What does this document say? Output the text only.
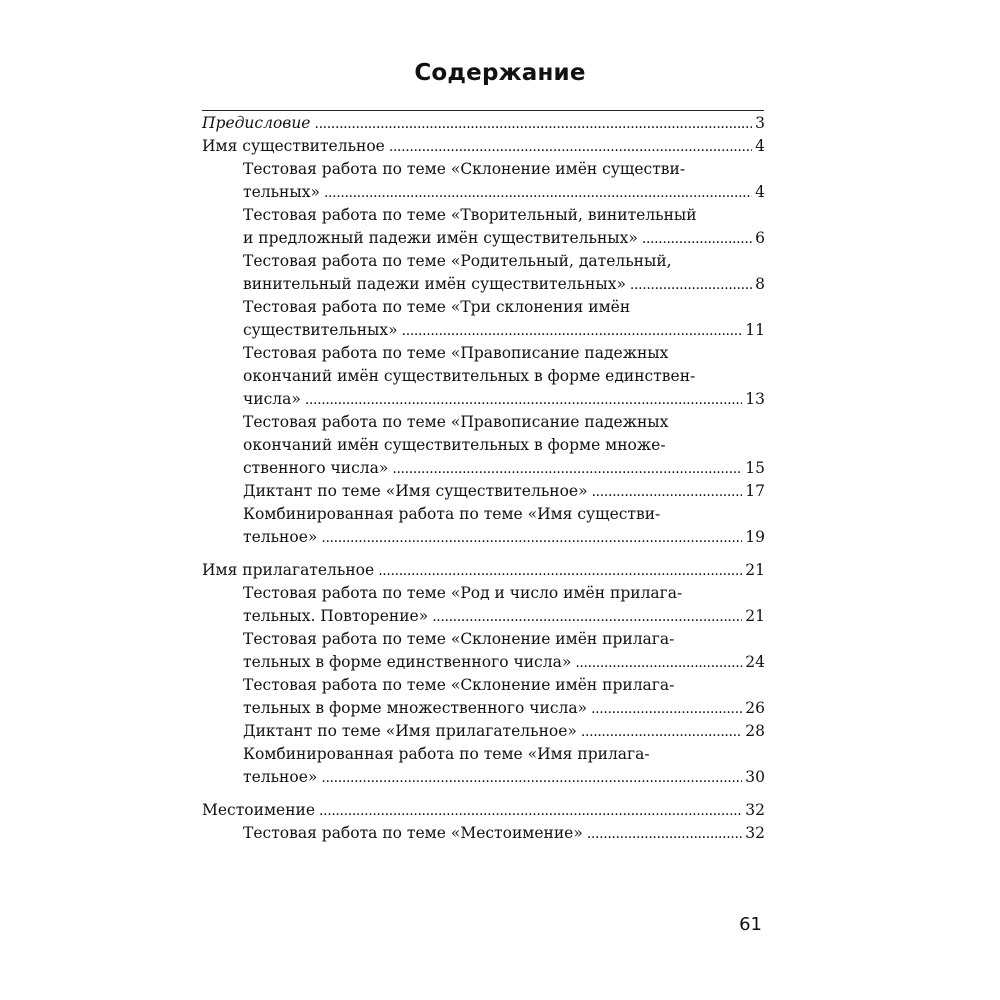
Содержание
Предисловие . . .	3
Имя существительное . . .	4
Тестовая работа по теме «Склонение имён существи-
тельных» . . .	4
Тестовая работа по теме «Творительный, винительный
и предложный падежи имён существительных» . . .	6
Тестовая работа по теме «Родительный, дательный,
винительный падежи имён существительных» . . .	8
Тестовая работа по теме «Три склонения имён
существительных» . . .	11
Тестовая работа по теме «Правописание падежных
окончаний имён существительных в форме единствен-
числа» . . .	13
Тестовая работа по теме «Правописание падежных
окончаний имён существительных в форме множе-
ственного числа» . . .	15
Диктант по теме «Имя существительное» . . .	17
Комбинированная работа по теме «Имя существи-
тельное» . . .	19
Имя прилагательное . . .	21
Тестовая работа по теме «Род и число имён прилага-
тельных. Повторение» . . .	21
Тестовая работа по теме «Склонение имён прилага-
тельных в форме единственного числа» . . .	24
Тестовая работа по теме «Склонение имён прилага-
тельных в форме множественного числа» . . .	26
Диктант по теме «Имя прилагательное» . . .	28
Комбинированная работа по теме «Имя прилага-
тельное» . . .	30
Местоимение . . .	32
Тестовая работа по теме «Местоимение» . . .	32
61
